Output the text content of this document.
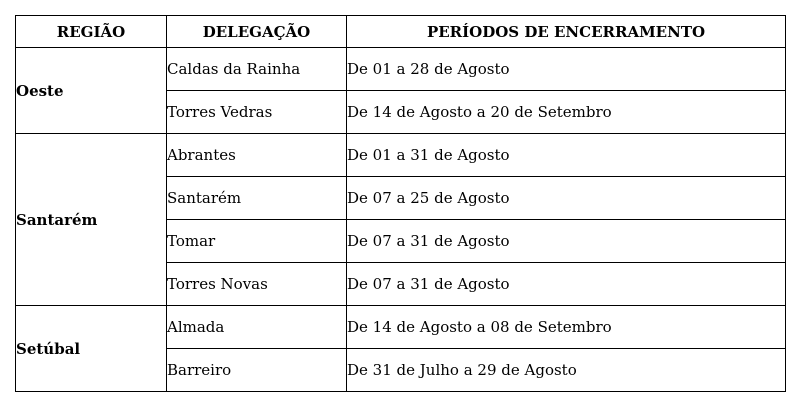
REGIÃO	DELEGAÇÃO	PERÍODOS DE ENCERRAMENTO
Oeste	Caldas da Rainha	De 01 a 28 de Agosto
	Torres Vedras	De 14 de Agosto a 20 de Setembro
Santarém	Abrantes	De 01 a 31 de Agosto
	Santarém	De 07 a 25 de Agosto
	Tomar	De 07 a 31 de Agosto
	Torres Novas	De 07 a 31 de Agosto
Setúbal	Almada	De 14 de Agosto a 08 de Setembro
	Barreiro	De 31 de Julho a 29 de Agosto
